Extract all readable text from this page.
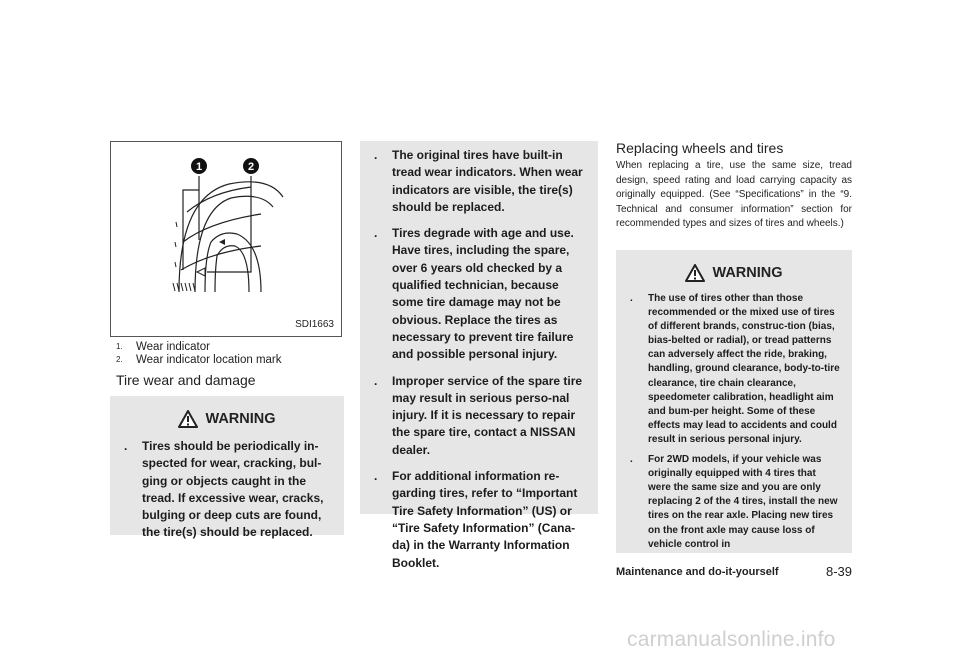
1	2
SDI1663
1. Wear indicator
2. Wear indicator location mark
Tire wear and damage
WARNING
. Tires should be periodically in-spected for wear, cracking, bul-ging or objects caught in the tread. If excessive wear, cracks, bulging or deep cuts are found, the tire(s) should be replaced.
. The original tires have built-in tread wear indicators. When wear indicators are visible, the tire(s) should be replaced.
. Tires degrade with age and use. Have tires, including the spare, over 6 years old checked by a qualified technician, because some tire damage may not be obvious. Replace the tires as necessary to prevent tire failure and possible personal injury.
. Improper service of the spare tire may result in serious perso-nal injury. If it is necessary to repair the spare tire, contact a NISSAN dealer.
. For additional information re-garding tires, refer to “Important Tire Safety Information” (US) or “Tire Safety Information” (Cana-da) in the Warranty Information Booklet.
Replacing wheels and tires

When replacing a tire, use the same size, tread design, speed rating and load carrying capacity as originally equipped. (See “Specifications” in the “9. Technical and consumer information” section for recommended types and sizes of tires and wheels.)

WARNING
. The use of tires other than those recommended or the mixed use of tires of different brands, construc-tion (bias, bias-belted or radial), or tread patterns can adversely affect the ride, braking, handling, ground clearance, body-to-tire clearance, tire chain clearance, speedometer calibration, headlight aim and bum-per height. Some of these effects may lead to accidents and could result in serious personal injury.
. For 2WD models, if your vehicle was originally equipped with 4 tires that were the same size and you are only replacing 2 of the 4 tires, install the new tires on the rear axle. Placing new tires on the front axle may cause loss of vehicle control in
Maintenance and do-it-yourself	8-39
carmanualsonline.info
